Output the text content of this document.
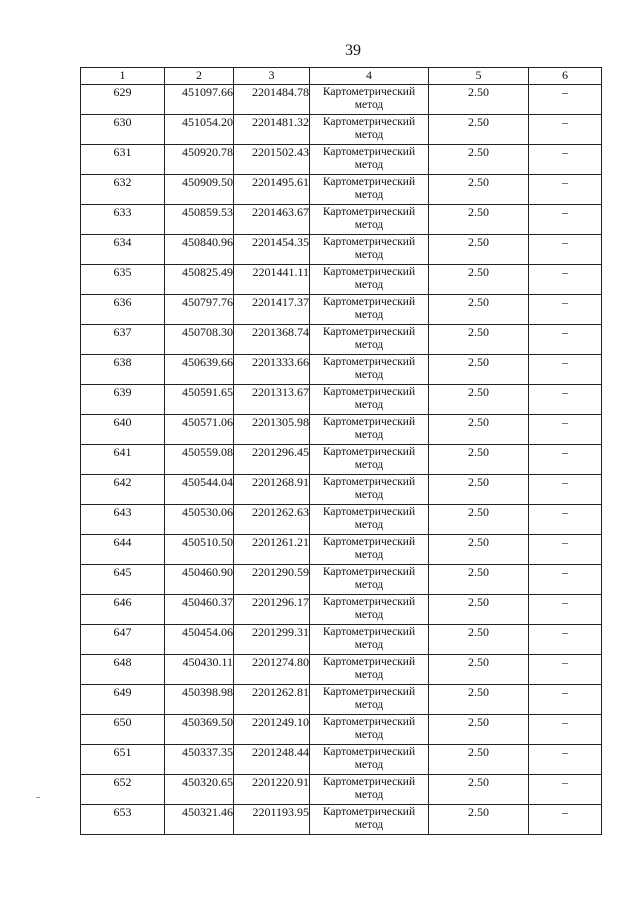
39
1	2	3	4	5	6
629	451097.66	2201484.78	Картометрический метод	2.50	–
630	451054.20	2201481.32	Картометрический метод	2.50	–
631	450920.78	2201502.43	Картометрический метод	2.50	–
632	450909.50	2201495.61	Картометрический метод	2.50	–
633	450859.53	2201463.67	Картометрический метод	2.50	–
634	450840.96	2201454.35	Картометрический метод	2.50	–
635	450825.49	2201441.11	Картометрический метод	2.50	–
636	450797.76	2201417.37	Картометрический метод	2.50	–
637	450708.30	2201368.74	Картометрический метод	2.50	–
638	450639.66	2201333.66	Картометрический метод	2.50	–
639	450591.65	2201313.67	Картометрический метод	2.50	–
640	450571.06	2201305.98	Картометрический метод	2.50	–
641	450559.08	2201296.45	Картометрический метод	2.50	–
642	450544.04	2201268.91	Картометрический метод	2.50	–
643	450530.06	2201262.63	Картометрический метод	2.50	–
644	450510.50	2201261.21	Картометрический метод	2.50	–
645	450460.90	2201290.59	Картометрический метод	2.50	–
646	450460.37	2201296.17	Картометрический метод	2.50	–
647	450454.06	2201299.31	Картометрический метод	2.50	–
648	450430.11	2201274.80	Картометрический метод	2.50	–
649	450398.98	2201262.81	Картометрический метод	2.50	–
650	450369.50	2201249.10	Картометрический метод	2.50	–
651	450337.35	2201248.44	Картометрический метод	2.50	–
652	450320.65	2201220.91	Картометрический метод	2.50	–
653	450321.46	2201193.95	Картометрический метод	2.50	–
